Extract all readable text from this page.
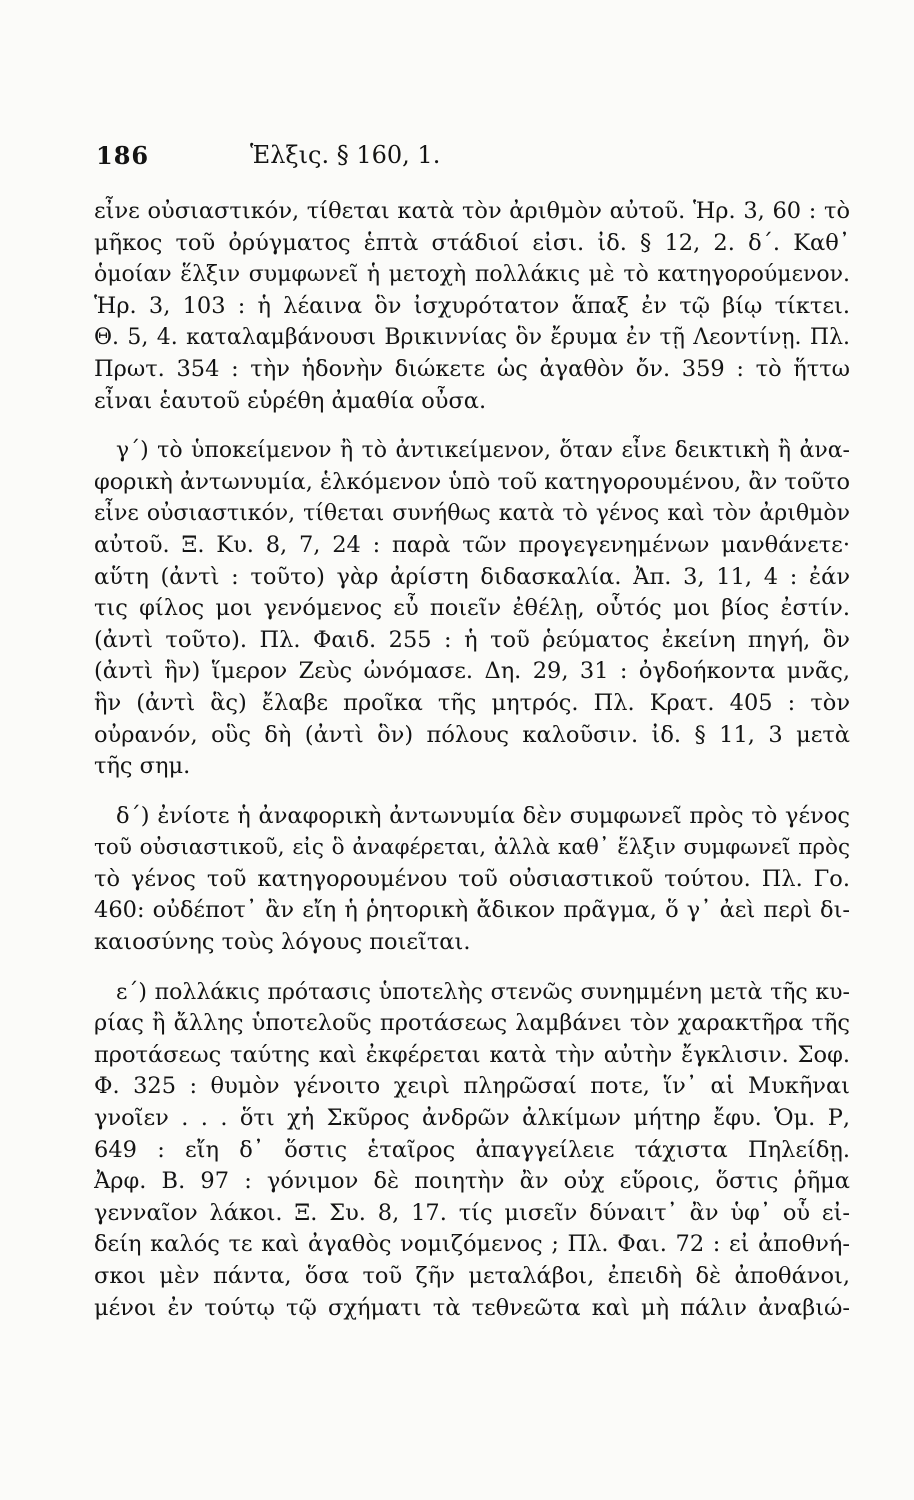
186	Ἑλξις. § 160, 1.
εἶνε οὐσιαστικόν, τίθεται κατὰ τὸν ἀριθμὸν αὐτοῦ. Ἡρ. 3, 60 : τὸ
μῆκος τοῦ ὀρύγματος ἑπτὰ στάδιοί εἰσι. ἰδ. § 12, 2. δ΄. Καθ᾽
ὁμοίαν ἕλξιν συμφωνεῖ ἡ μετοχὴ πολλάκις μὲ τὸ κατηγορούμενον.
Ἡρ. 3, 103 : ἡ λέαινα ὃν ἰσχυρότατον ἅπαξ ἐν τῷ βίῳ τίκτει.
Θ. 5, 4. καταλαμβάνουσι Βρικιννίας ὃν ἔρυμα ἐν τῇ Λεοντίνῃ. Πλ.
Πρωτ. 354 : τὴν ἡδονὴν διώκετε ὡς ἀγαθὸν ὄν. 359 : τὸ ἥττω
εἶναι ἑαυτοῦ εὑρέθη ἀμαθία οὖσα.
γ΄) τὸ ὑποκείμενον ἢ τὸ ἀντικείμενον, ὅταν εἶνε δεικτικὴ ἢ ἀνα-
φορικὴ ἀντωνυμία, ἑλκόμενον ὑπὸ τοῦ κατηγορουμένου, ἂν τοῦτο
εἶνε οὐσιαστικόν, τίθεται συνήθως κατὰ τὸ γένος καὶ τὸν ἀριθμὸν
αὐτοῦ. Ξ. Κυ. 8, 7, 24 : παρὰ τῶν προγεγενημένων μανθάνετε·
αὕτη (ἀντὶ : τοῦτο) γὰρ ἀρίστη διδασκαλία. Ἀπ. 3, 11, 4 : ἐάν
τις φίλος μοι γενόμενος εὖ ποιεῖν ἐθέλῃ, οὗτός μοι βίος ἐστίν.
(ἀντὶ τοῦτο). Πλ. Φαιδ. 255 : ἡ τοῦ ῥεύματος ἐκείνη πηγή, ὃν
(ἀντὶ ἣν) ἵμερον Ζεὺς ὠνόμασε. Δη. 29, 31 : ὀγδοήκοντα μνᾶς,
ἣν (ἀντὶ ἃς) ἔλαβε προῖκα τῆς μητρός. Πλ. Κρατ. 405 : τὸν
οὐρανόν, οὓς δὴ (ἀντὶ ὃν) πόλους καλοῦσιν. ἰδ. § 11, 3 μετὰ
τῆς σημ.
δ΄) ἐνίοτε ἡ ἀναφορικὴ ἀντωνυμία δὲν συμφωνεῖ πρὸς τὸ γένος
τοῦ οὐσιαστικοῦ, εἰς ὃ ἀναφέρεται, ἀλλὰ καθ᾽ ἕλξιν συμφωνεῖ πρὸς
τὸ γένος τοῦ κατηγορουμένου τοῦ οὐσιαστικοῦ τούτου. Πλ. Γο.
460: οὐδέποτ᾽ ἂν εἴη ἡ ῥητορικὴ ἄδικον πρᾶγμα, ὅ γ᾽ ἀεὶ περὶ δι-
καιοσύνης τοὺς λόγους ποιεῖται.
ε΄) πολλάκις πρότασις ὑποτελὴς στενῶς συνημμένη μετὰ τῆς κυ-
ρίας ἢ ἄλλης ὑποτελοῦς προτάσεως λαμβάνει τὸν χαρακτῆρα τῆς
προτάσεως ταύτης καὶ ἐκφέρεται κατὰ τὴν αὐτὴν ἔγκλισιν. Σοφ.
Φ. 325 : θυμὸν γένοιτο χειρὶ πληρῶσαί ποτε, ἵν᾽ αἱ Μυκῆναι
γνοῖεν . . . ὅτι χἠ Σκῦρος ἀνδρῶν ἀλκίμων μήτηρ ἔφυ. Ὁμ. Ρ,
649 : εἴη δ᾽ ὅστις ἑταῖρος ἀπαγγείλειε τάχιστα Πηλείδῃ.
Ἀρφ. Β. 97 : γόνιμον δὲ ποιητὴν ἂν οὐχ εὕροις, ὅστις ῥῆμα
γενναῖον λάκοι. Ξ. Συ. 8, 17. τίς μισεῖν δύναιτ᾽ ἂν ὑφ᾽ οὗ εἰ-
δείη καλός τε καὶ ἀγαθὸς νομιζόμενος ; Πλ. Φαι. 72 : εἰ ἀποθνή-
σκοι μὲν πάντα, ὅσα τοῦ ζῆν μεταλάβοι, ἐπειδὴ δὲ ἀποθάνοι,
μένοι ἐν τούτῳ τῷ σχήματι τὰ τεθνεῶτα καὶ μὴ πάλιν ἀναβιώ-
